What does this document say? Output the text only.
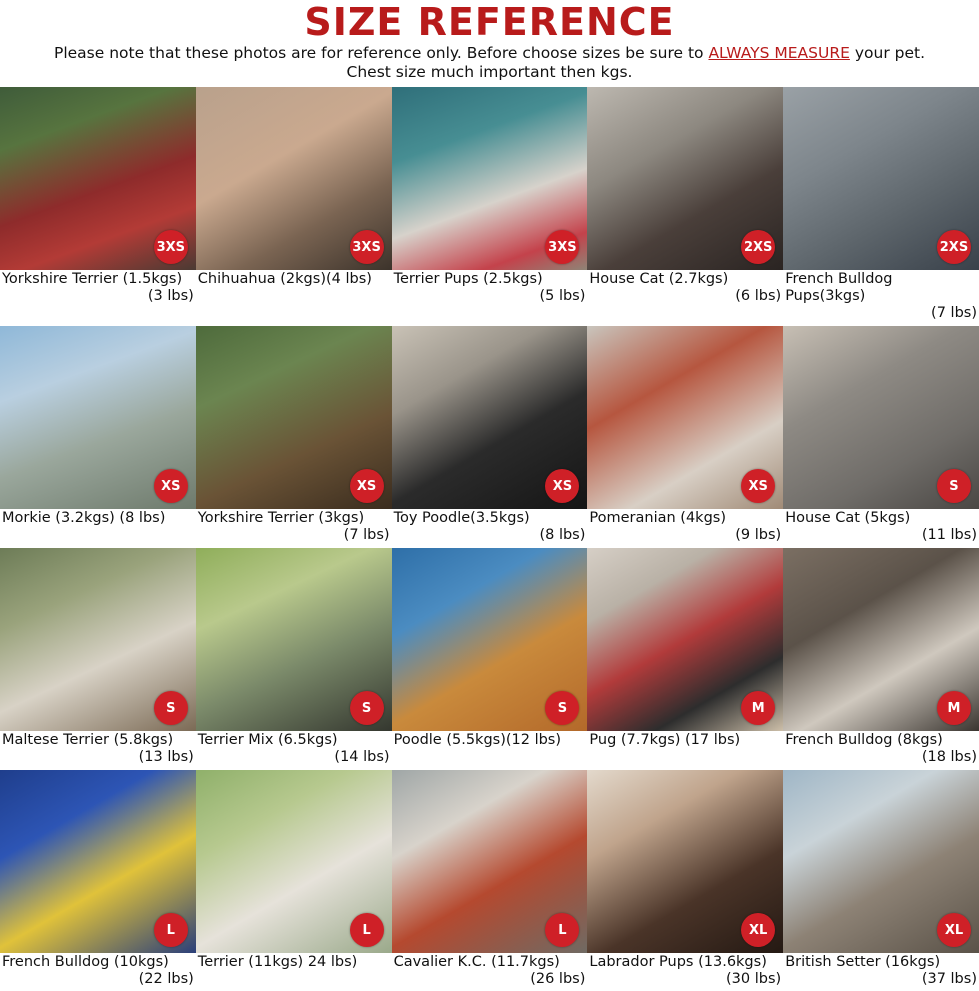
SIZE REFERENCE
Please note that these photos are for reference only. Before choose sizes be sure to ALWAYS MEASURE your pet.
Chest size much important then kgs.
3XS
Yorkshire Terrier (1.5kgs)
(3 lbs)
3XS
Chihuahua (2kgs)(4 lbs)
3XS
Terrier Pups (2.5kgs)
(5 lbs)
2XS
House Cat (2.7kgs)
(6 lbs)
2XS
French Bulldog Pups(3kgs)
(7 lbs)
XS
Morkie (3.2kgs) (8 lbs)
XS
Yorkshire Terrier (3kgs)
(7 lbs)
XS
Toy Poodle(3.5kgs)
(8 lbs)
XS
Pomeranian (4kgs)
(9 lbs)
S
House Cat (5kgs)
(11 lbs)
S
Maltese Terrier (5.8kgs)
(13 lbs)
S
Terrier Mix (6.5kgs)
(14 lbs)
S
Poodle (5.5kgs)(12 lbs)
M
Pug (7.7kgs) (17 lbs)
M
French Bulldog (8kgs)
(18 lbs)
L
French Bulldog (10kgs)
(22 lbs)
L
Terrier (11kgs) 24 lbs)
L
Cavalier K.C. (11.7kgs)
(26 lbs)
XL
Labrador Pups (13.6kgs)
(30 lbs)
XL
British Setter (16kgs)
(37 lbs)
